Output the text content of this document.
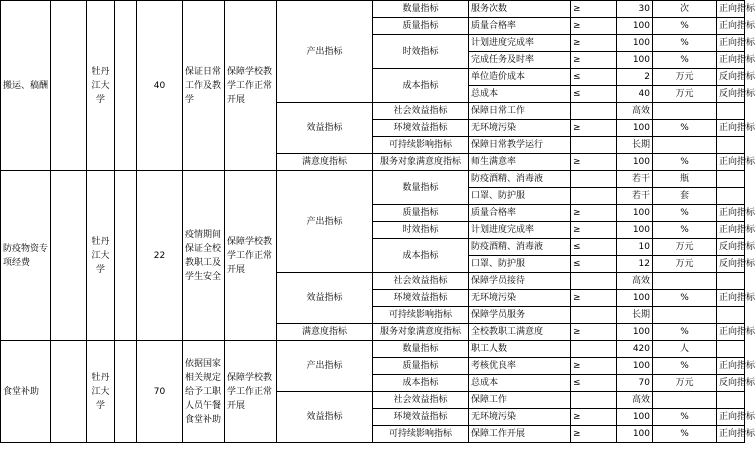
搬运、稿酬		牡丹江大学		40	保证日常工作及教学	保障学校教学工作正常开展	产出指标	数量指标	服务次数	≥	30	次	正向指标
								质量指标	质量合格率	≥	100	%	正向指标
								时效指标	计划进度完成率	≥	100	%	正向指标
									完成任务及时率	≥	100	%	正向指标
								成本指标	单位造价成本	≤	2	万元	反向指标
									总成本	≤	40	万元	反向指标
							效益指标	社会效益指标	保障日常工作		高效		
								环境效益指标	无环境污染	≥	100	%	正向指标
								可持续影响指标	保障日常教学运行		长期		
							满意度指标	服务对象满意度指标	师生满意率	≥	100	%	正向指标
防疫物资专项经费		牡丹江大学		22	疫情期间保证全校教职工及学生安全	保障学校教学工作正常开展	产出指标	数量指标	防疫酒精、消毒液		若干	瓶	
									口罩、防护服		若干	套	
								质量指标	质量合格率	≥	100	%	正向指标
								时效指标	计划进度完成率	≥	100	%	正向指标
								成本指标	防疫酒精、消毒液	≤	10	万元	反向指标
									口罩、防护服	≤	12	万元	反向指标
							效益指标	社会效益指标	保障学员接待		高效		
								环境效益指标	无环境污染	≥	100	%	正向指标
								可持续影响指标	保障学员服务		长期		
							满意度指标	服务对象满意度指标	全校教职工满意度	≥	100	%	正向指标
食堂补助		牡丹江大学		70	依据国家相关规定给予工职人员午餐食堂补助	保障学校教学工作正常开展	产出指标	数量指标	职工人数		420	人	
								质量指标	考核优良率	≥	100	%	正向指标
								成本指标	总成本	≤	70	万元	反向指标
							效益指标	社会效益指标	保障工作		高效		
								环境效益指标	无环境污染	≥	100	%	正向指标
								可持续影响指标	保障工作开展	≥	100	%	正向指标
